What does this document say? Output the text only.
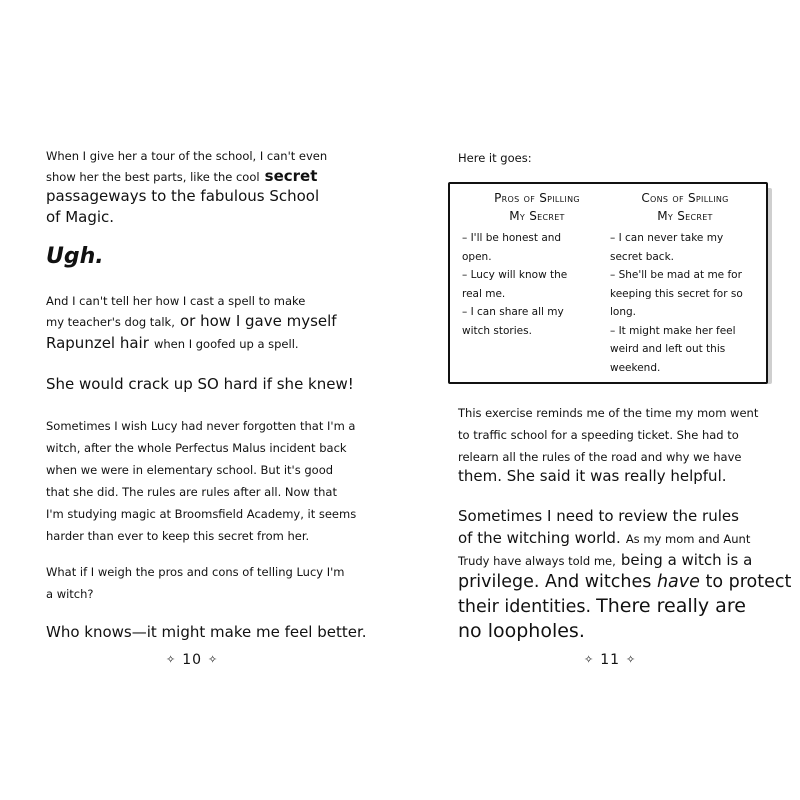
When I give her a tour of the school, I can't even

show her the best parts, like the cool secret

passageways to the fabulous School

of Magic.

Ugh.

And I can't tell her how I cast a spell to make

my teacher's dog talk, or how I gave myself

Rapunzel hair when I goofed up a spell.

She would crack up SO hard if she knew!

Sometimes I wish Lucy had never forgotten that I'm a

witch, after the whole Perfectus Malus incident back

when we were in elementary school. But it's good

that she did. The rules are rules after all. Now that

I'm studying magic at Broomsfield Academy, it seems

harder than ever to keep this secret from her.

What if I weigh the pros and cons of telling Lucy I'm

a witch?

Who knows—it might make me feel better.

✧ 10 ✧

Here it goes:

Pros of Spilling
My Secret
– I'll be honest and
open.
– Lucy will know the
real me.
– I can share all my
witch stories.
Cons of Spilling
My Secret
– I can never take my
secret back.
– She'll be mad at me for
keeping this secret for so
long.
– It might make her feel
weird and left out this
weekend.

This exercise reminds me of the time my mom went

to traffic school for a speeding ticket. She had to

relearn all the rules of the road and why we have

them. She said it was really helpful.

Sometimes I need to review the rules

of the witching world. As my mom and Aunt

Trudy have always told me, being a witch is a

privilege. And witches have to protect

their identities. There really are

no loopholes.

✧ 11 ✧
